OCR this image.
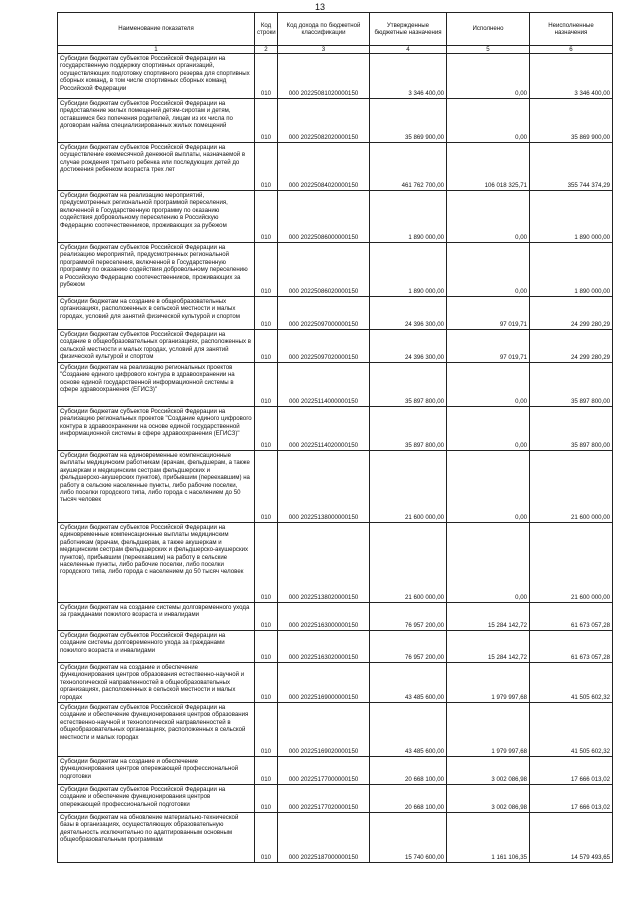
13
Наименование показателя	Код строки	Код дохода по бюджетной классификации	Утвержденные бюджетные назначения	Исполнено	Неисполненные назначения
1	2	3	4	5	6
Субсидии бюджетам субъектов Российской Федерации на государственную поддержку спортивных организаций, осуществляющих подготовку спортивного резерва для спортивных сборных команд, в том числе спортивных сборных команд Российской Федерации	010	000 20225081020000150	3 346 400,00	0,00	3 346 400,00
Субсидии бюджетам субъектов Российской Федерации на предоставление жилых помещений детям-сиротам и детям, оставшимся без попечения родителей, лицам из их числа по договорам найма специализированных жилых помещений	010	000 20225082020000150	35 869 900,00	0,00	35 869 900,00
Субсидии бюджетам субъектов Российской Федерации на осуществление ежемесячной денежной выплаты, назначаемой в случае рождения третьего ребенка или последующих детей до достижения ребенком возраста трех лет	010	000 20225084020000150	461 762 700,00	106 018 325,71	355 744 374,29
Субсидии бюджетам на реализацию мероприятий, предусмотренных региональной программой переселения, включенной в Государственную программу по оказанию содействия добровольному переселению в Российскую Федерацию соотечественников, проживающих за рубежом	010	000 20225086000000150	1 890 000,00	0,00	1 890 000,00
Субсидии бюджетам субъектов Российской Федерации на реализацию мероприятий, предусмотренных региональной программой переселения, включенной в Государственную программу по оказанию содействия добровольному переселению в Российскую Федерацию соотечественников, проживающих за рубежом	010	000 20225086020000150	1 890 000,00	0,00	1 890 000,00
Субсидии бюджетам на создание в общеобразовательных организациях, расположенных в сельской местности и малых городах, условий для занятий физической культурой и спортом	010	000 20225097000000150	24 396 300,00	97 019,71	24 299 280,29
Субсидии бюджетам субъектов Российской Федерации на создание в общеобразовательных организациях, расположенных в сельской местности и малых городах, условий для занятий физической культурой и спортом	010	000 20225097020000150	24 396 300,00	97 019,71	24 299 280,29
Субсидии бюджетам на реализацию региональных проектов "Создание единого цифрового контура в здравоохранении на основе единой государственной информационной системы в сфере здравоохранения (ЕГИСЗ)"	010	000 20225114000000150	35 897 800,00	0,00	35 897 800,00
Субсидии бюджетам субъектов Российской Федерации на реализацию региональных проектов "Создание единого цифрового контура в здравоохранении на основе единой государственной информационной системы в сфере здравоохранения (ЕГИСЗ)"	010	000 20225114020000150	35 897 800,00	0,00	35 897 800,00
Субсидии бюджетам на единовременные компенсационные выплаты медицинским работникам (врачам, фельдшерам, а также акушеркам и медицинским сестрам фельдшерских и фельдшерско-акушерских пунктов), прибывшим (переехавшим) на работу в сельские населенные пункты, либо рабочие поселки, либо поселки городского типа, либо города с населением до 50 тысяч человек	010	000 20225138000000150	21 600 000,00	0,00	21 600 000,00
Субсидии бюджетам субъектов Российской Федерации на единовременные компенсационные выплаты медицинским работникам (врачам, фельдшерам, а также акушеркам и медицинским сестрам фельдшерских и фельдшерско-акушерских пунктов), прибывшим (переехавшим) на работу в сельские населенные пункты, либо рабочие поселки, либо поселки городского типа, либо города с населением до 50 тысяч человек	010	000 20225138020000150	21 600 000,00	0,00	21 600 000,00
Субсидии бюджетам на создание системы долговременного ухода за гражданами пожилого возраста и инвалидами	010	000 20225163000000150	76 957 200,00	15 284 142,72	61 673 057,28
Субсидии бюджетам субъектов Российской Федерации на создание системы долговременного ухода за гражданами пожилого возраста и инвалидами	010	000 20225163020000150	76 957 200,00	15 284 142,72	61 673 057,28
Субсидии бюджетам на создание и обеспечение функционирования центров образования естественно-научной и технологической направленностей в общеобразовательных организациях, расположенных в сельской местности и малых городах	010	000 20225169000000150	43 485 600,00	1 979 997,68	41 505 602,32
Субсидии бюджетам субъектов Российской Федерации на создание и обеспечение функционирования центров образования естественно-научной и технологической направленностей в общеобразовательных организациях, расположенных в сельской местности и малых городах	010	000 20225169020000150	43 485 600,00	1 979 997,68	41 505 602,32
Субсидии бюджетам на создание и обеспечение функционирования центров опережающей профессиональной подготовки	010	000 20225177000000150	20 668 100,00	3 002 086,98	17 666 013,02
Субсидии бюджетам субъектов Российской Федерации на создание и обеспечение функционирования центров опережающей профессиональной подготовки	010	000 20225177020000150	20 668 100,00	3 002 086,98	17 666 013,02
Субсидии бюджетам на обновление материально-технической базы в организациях, осуществляющих образовательную деятельность исключительно по адаптированным основным общеобразовательным программам	010	000 20225187000000150	15 740 600,00	1 161 106,35	14 579 493,65
